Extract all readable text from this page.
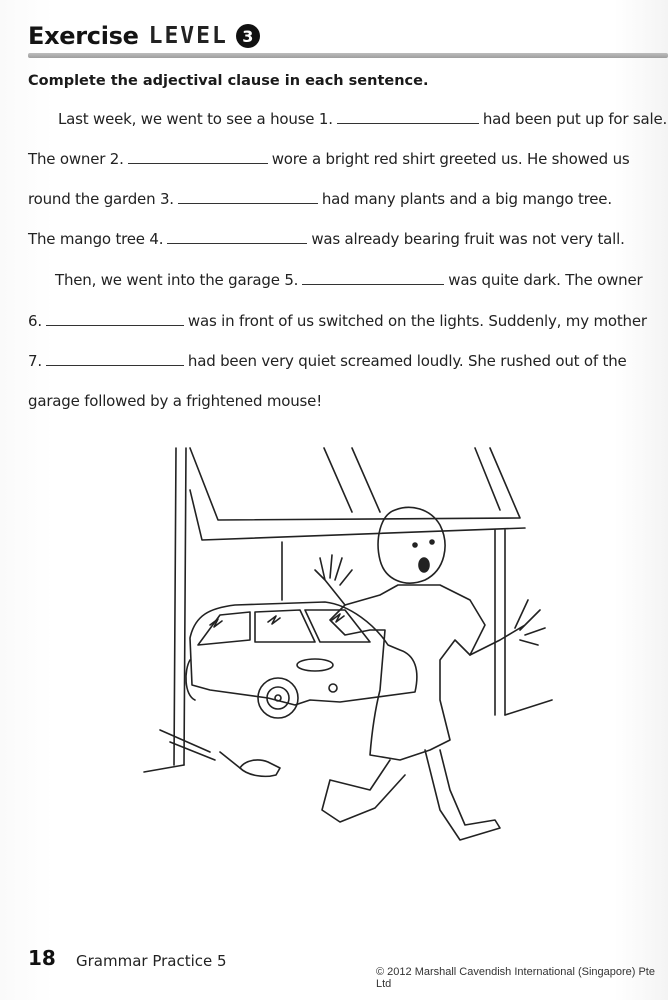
Exercise LEVEL 3
Complete the adjectival clause in each sentence.
Last week, we went to see a house 1.	had been put up for sale.
The owner 2.	wore a bright red shirt greeted us. He showed us
round the garden 3.	had many plants and a big mango tree.
The mango tree 4.	was already bearing fruit was not very tall.
Then, we went into the garage 5.	was quite dark. The owner
6.	was in front of us switched on the lights. Suddenly, my mother
7.	had been very quiet screamed loudly. She rushed out of the
garage followed by a frightened mouse!
18 Grammar Practice 5
© 2012 Marshall Cavendish International (Singapore) Pte Ltd
